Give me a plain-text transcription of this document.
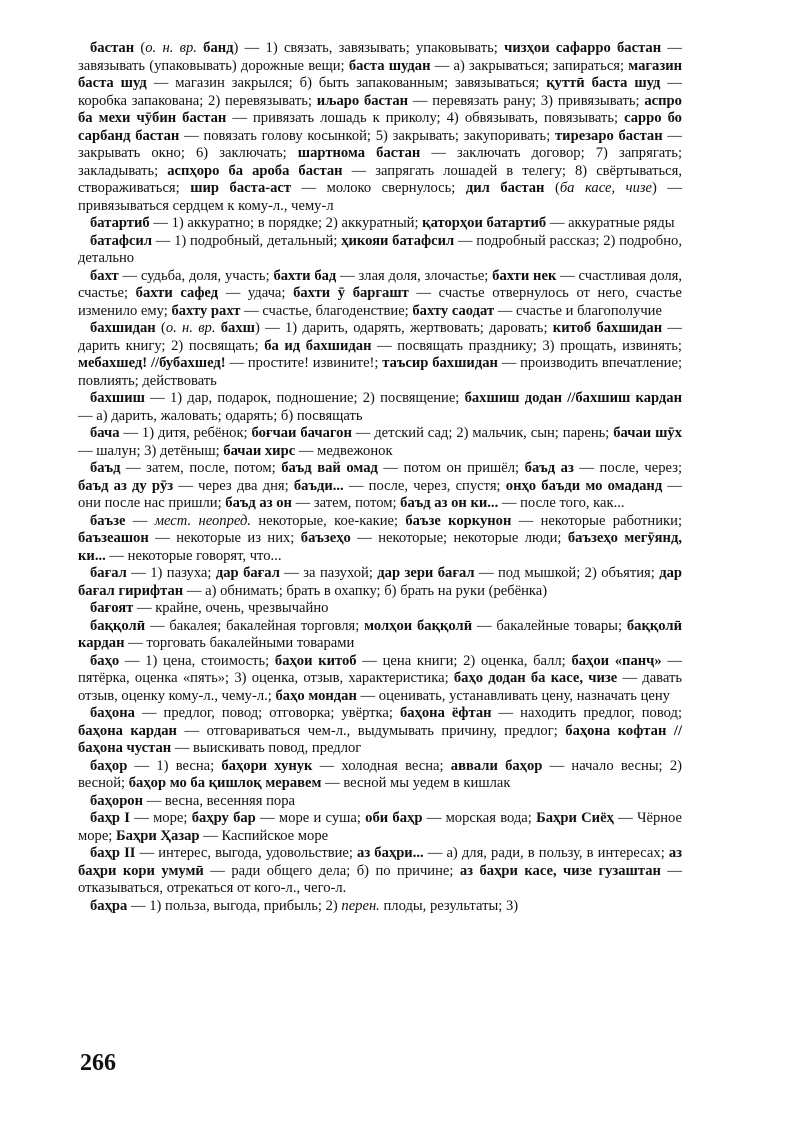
бастан (о. н. вр. банд) — 1) связать, завязывать; упаковывать; чизҳои сафарро бастан — завязывать (упаковывать) дорожные вещи; баста шудан — а) закрываться; запираться; магазин баста шуд — магазин закрылся; б) быть запакованным; завязываться; қуттӣ баста шуд — коробка запакована; 2) перевязывать; иљаро бастан — перевязать рану; 3) привязывать; аспро ба мехи чӯбин бастан — привязать лошадь к приколу; 4) обвязывать, повязывать; сарро бо сарбанд бастан — повязать голову косынкой; 5) закрывать; закупоривать; тирезаро бастан — закрывать окно; 6) заключать; шартнома бастан — заключать договор; 7) запрягать; закладывать; аспҳоро ба ароба бастан — запрягать лошадей в телегу; 8) свёртываться, створаживаться; шир баста-аст — молоко свернулось; дил бастан (ба касе, чизе) — привязываться сердцем к кому-л., чему-л

батартиб — 1) аккуратно; в порядке; 2) аккуратный; қаторҳои батартиб — аккуратные ряды

батафсил — 1) подробный, детальный; ҳикояи батафсил — подробный рассказ; 2) подробно, детально

бахт — судьба, доля, участь; бахти бад — злая доля, злочастье; бахти нек — счастливая доля, счастье; бахти сафед — удача; бахти ӯ баргашт — счастье отвернулось от него, счастье изменило ему; бахту рахт — счастье, благоденствие; бахту саодат — счастье и благополучие

бахшидан (о. н. вр. бахш) — 1) дарить, одарять, жертвовать; даровать; китоб бахшидан — дарить книгу; 2) посвящать; ба ид бахшидан — посвящать празднику; 3) прощать, извинять; мебахшед! //бубахшед! — простите! извините!; таъсир бахшидан — производить впечатление; повлиять; действовать

бахшиш — 1) дар, подарок, подношение; 2) посвящение; бахшиш додан //бахшиш кардан — а) дарить, жаловать; одарять; б) посвящать

бача — 1) дитя, ребёнок; боғчаи бачагон — детский сад; 2) мальчик, сын; парень; бачаи шӯх — шалун; 3) детёныш; бачаи хирс — медвежонок

баъд — затем, после, потом; баъд вай омад — потом он пришёл; баъд аз — после, через; баъд аз ду рӯз — через два дня; баъди... — после, через, спустя; онҳо баъди мо омаданд — они после нас пришли; баъд аз он — затем, потом; баъд аз он ки... — после того, как...

баъзе — мест. неопред. некоторые, кое-какие; баъзе коркунон — некоторые работники; баъзеашон — некоторые из них; баъзеҳо — некоторые; некоторые люди; баъзеҳо мегӯянд, ки... — некоторые говорят, что...

бағал — 1) пазуха; дар бағал — за пазухой; дар зери бағал — под мышкой; 2) объятия; дар бағал гирифтан — а) обнимать; брать в охапку; б) брать на руки (ребёнка)

бағоят — крайне, очень, чрезвычайно

баққолӣ — бакалея; бакалейная торговля; молҳои баққолӣ — бакалейные товары; баққолӣ кардан — торговать бакалейными товарами

баҳо — 1) цена, стоимость; баҳои китоб — цена книги; 2) оценка, балл; баҳои «панҷ» — пятёрка, оценка «пять»; 3) оценка, отзыв, характеристика; баҳо додан ба касе, чизе — давать отзыв, оценку кому-л., чему-л.; баҳо мондан — оценивать, устанавливать цену, назначать цену

баҳона — предлог, повод; отговорка; увёртка; баҳона ёфтан — находить предлог, повод; баҳона кардан — отговариваться чем-л., выдумывать причину, предлог; баҳона кофтан //баҳона чустан — выискивать повод, предлог

баҳор — 1) весна; баҳори хунук — холодная весна; аввали баҳор — начало весны; 2) весной; баҳор мо ба қишлоқ меравем — весной мы уедем в кишлак

баҳорон — весна, весенняя пора

баҳр I — море; баҳру бар — море и суша; оби баҳр — морская вода; Баҳри Сиёҳ — Чёрное море; Баҳри Ҳазар — Каспийское море

баҳр II — интерес, выгода, удовольствие; аз баҳри... — а) для, ради, в пользу, в интересах; аз баҳри кори умумӣ — ради общего дела; б) по причине; аз баҳри касе, чизе гузаштан — отказываться, отрекаться от кого-л., чего-л.

баҳра — 1) польза, выгода, прибыль; 2) перен. плоды, результаты; 3)

266
